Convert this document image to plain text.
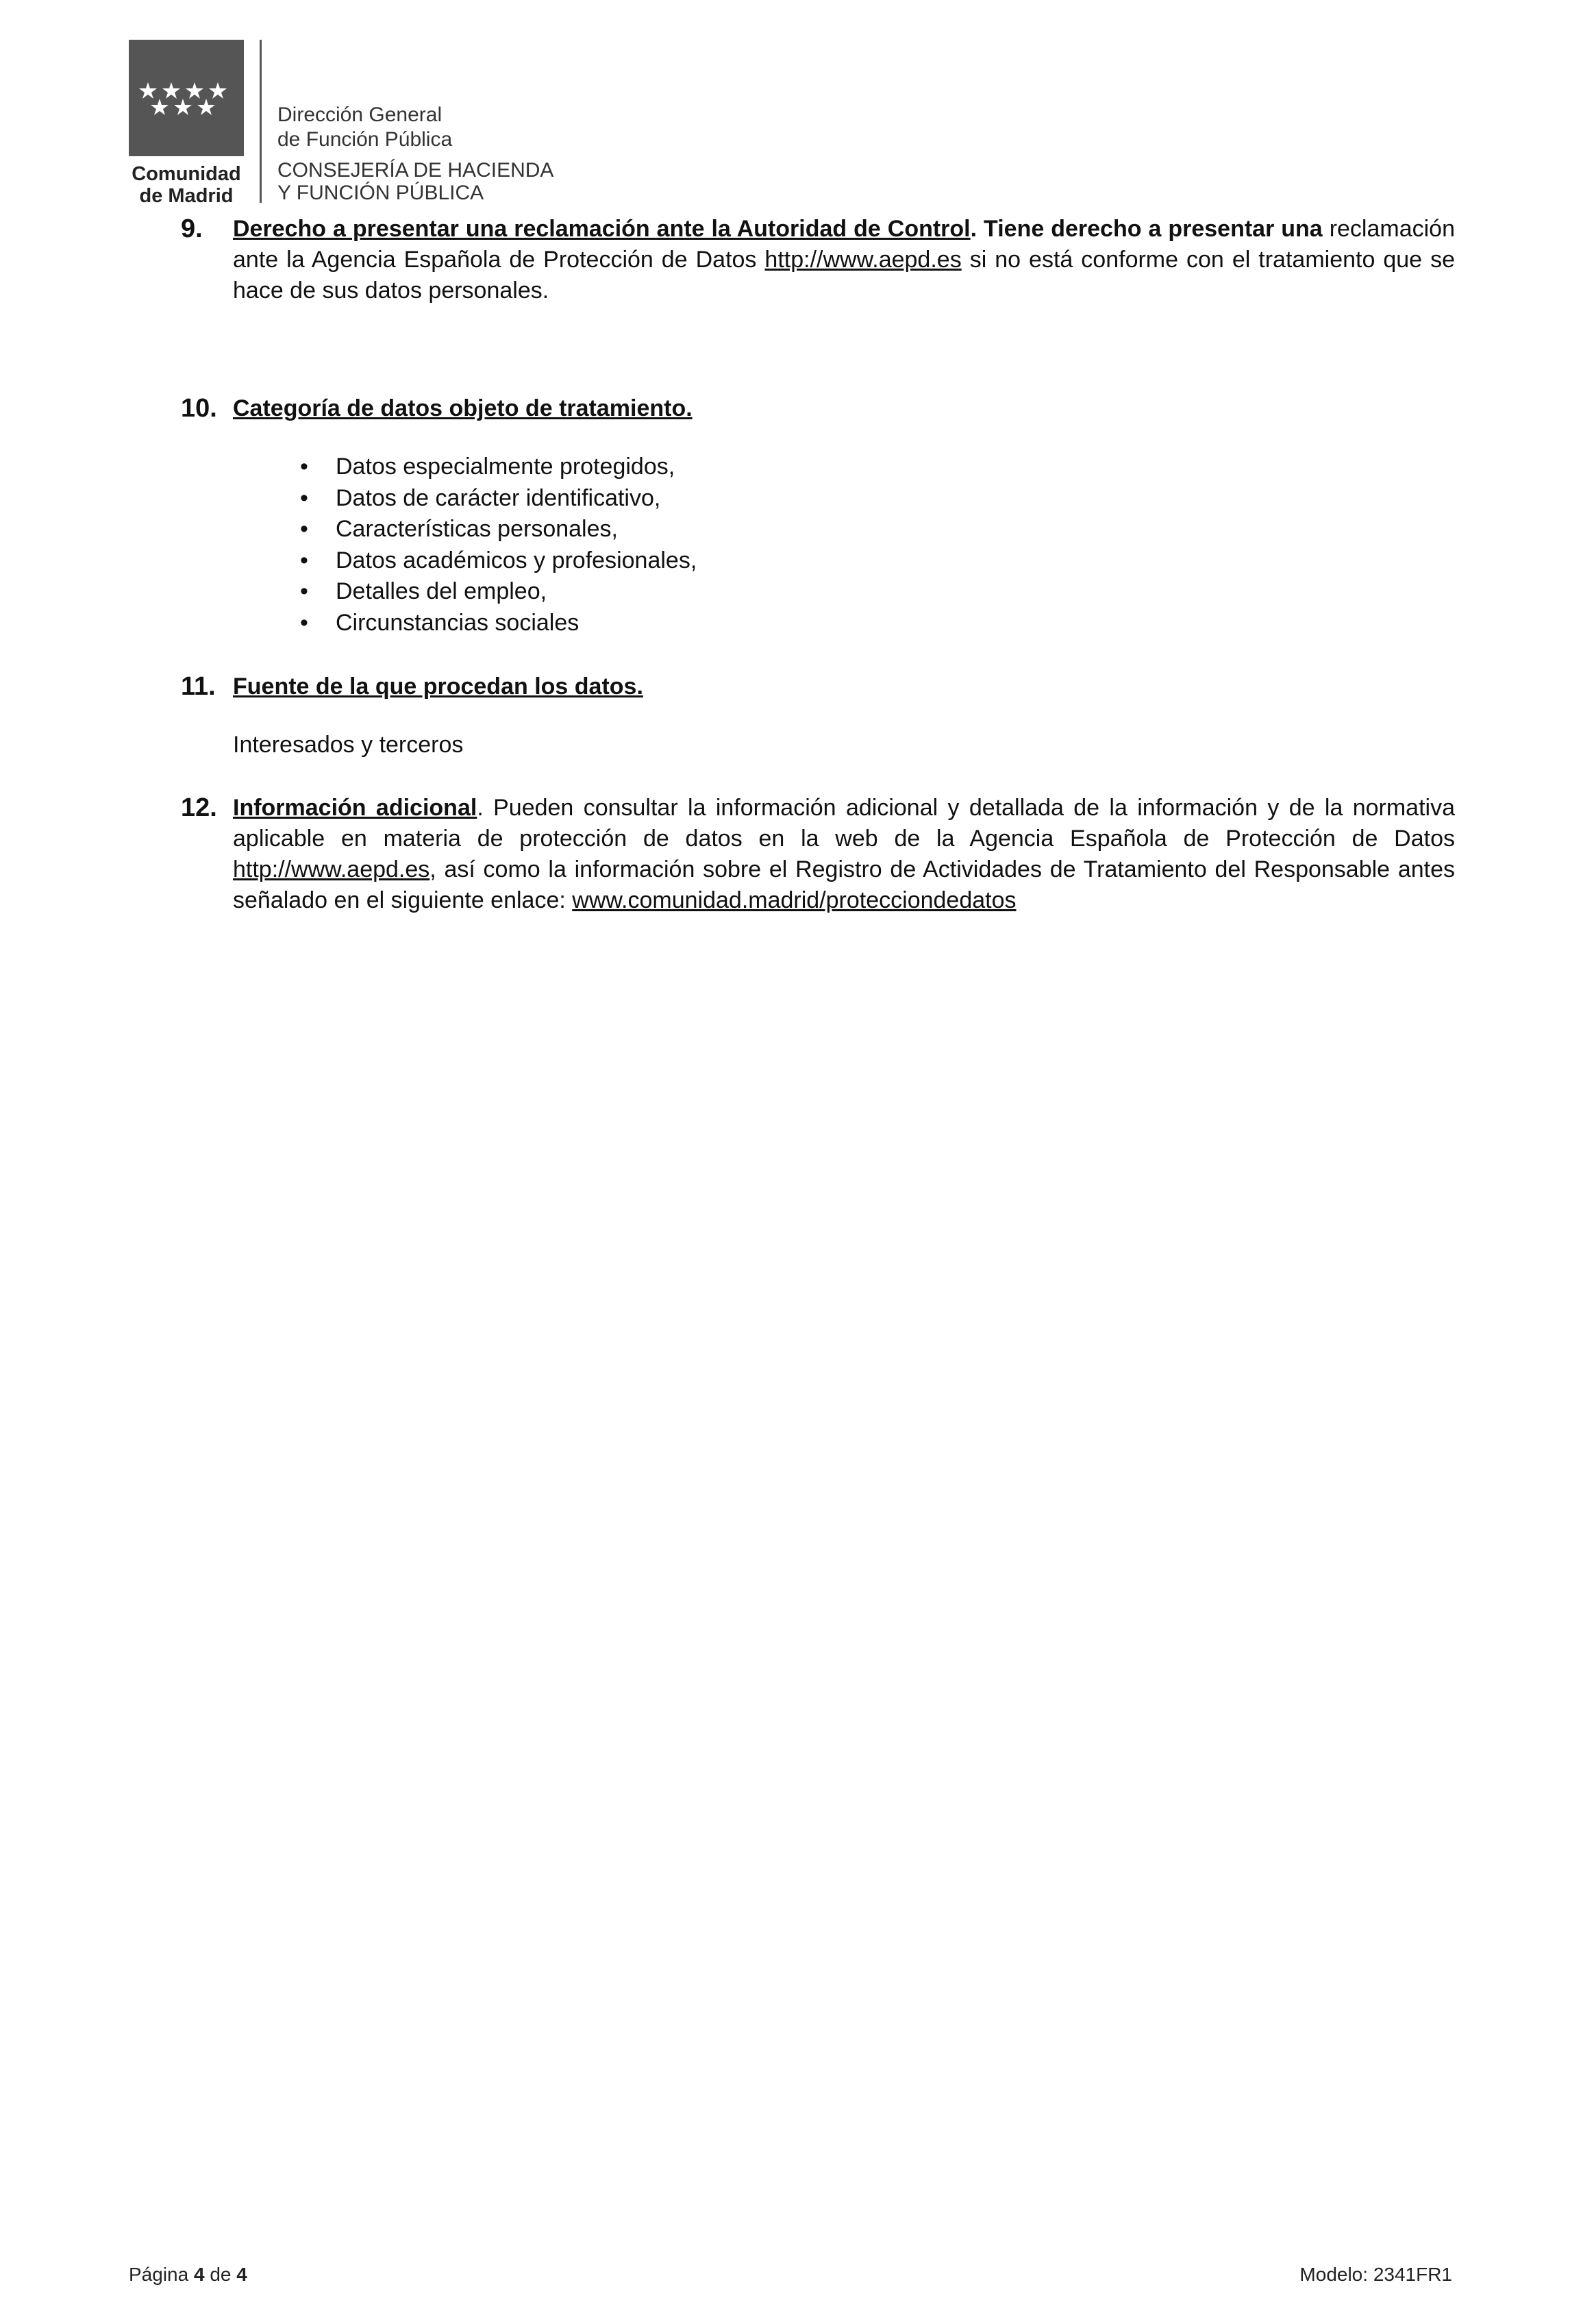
Comunidad
de Madrid
Dirección General
de Función Pública
CONSEJERÍA DE HACIENDA
Y FUNCIÓN PÚBLICA
9. Derecho a presentar una reclamación ante la Autoridad de Control. Tiene derecho a presentar una reclamación ante la Agencia Española de Protección de Datos http://www.aepd.es si no está conforme con el tratamiento que se hace de sus datos personales.
10. Categoría de datos objeto de tratamiento.
• Datos especialmente protegidos,
• Datos de carácter identificativo,
• Características personales,
• Datos académicos y profesionales,
• Detalles del empleo,
• Circunstancias sociales
11. Fuente de la que procedan los datos.

Interesados y terceros

12. Información adicional. Pueden consultar la información adicional y detallada de la información y de la normativa aplicable en materia de protección de datos en la web de la Agencia Española de Protección de Datos http://www.aepd.es, así como la información sobre el Registro de Actividades de Tratamiento del Responsable antes señalado en el siguiente enlace: www.comunidad.madrid/protecciondedatos
Página 4 de 4	Modelo: 2341FR1
